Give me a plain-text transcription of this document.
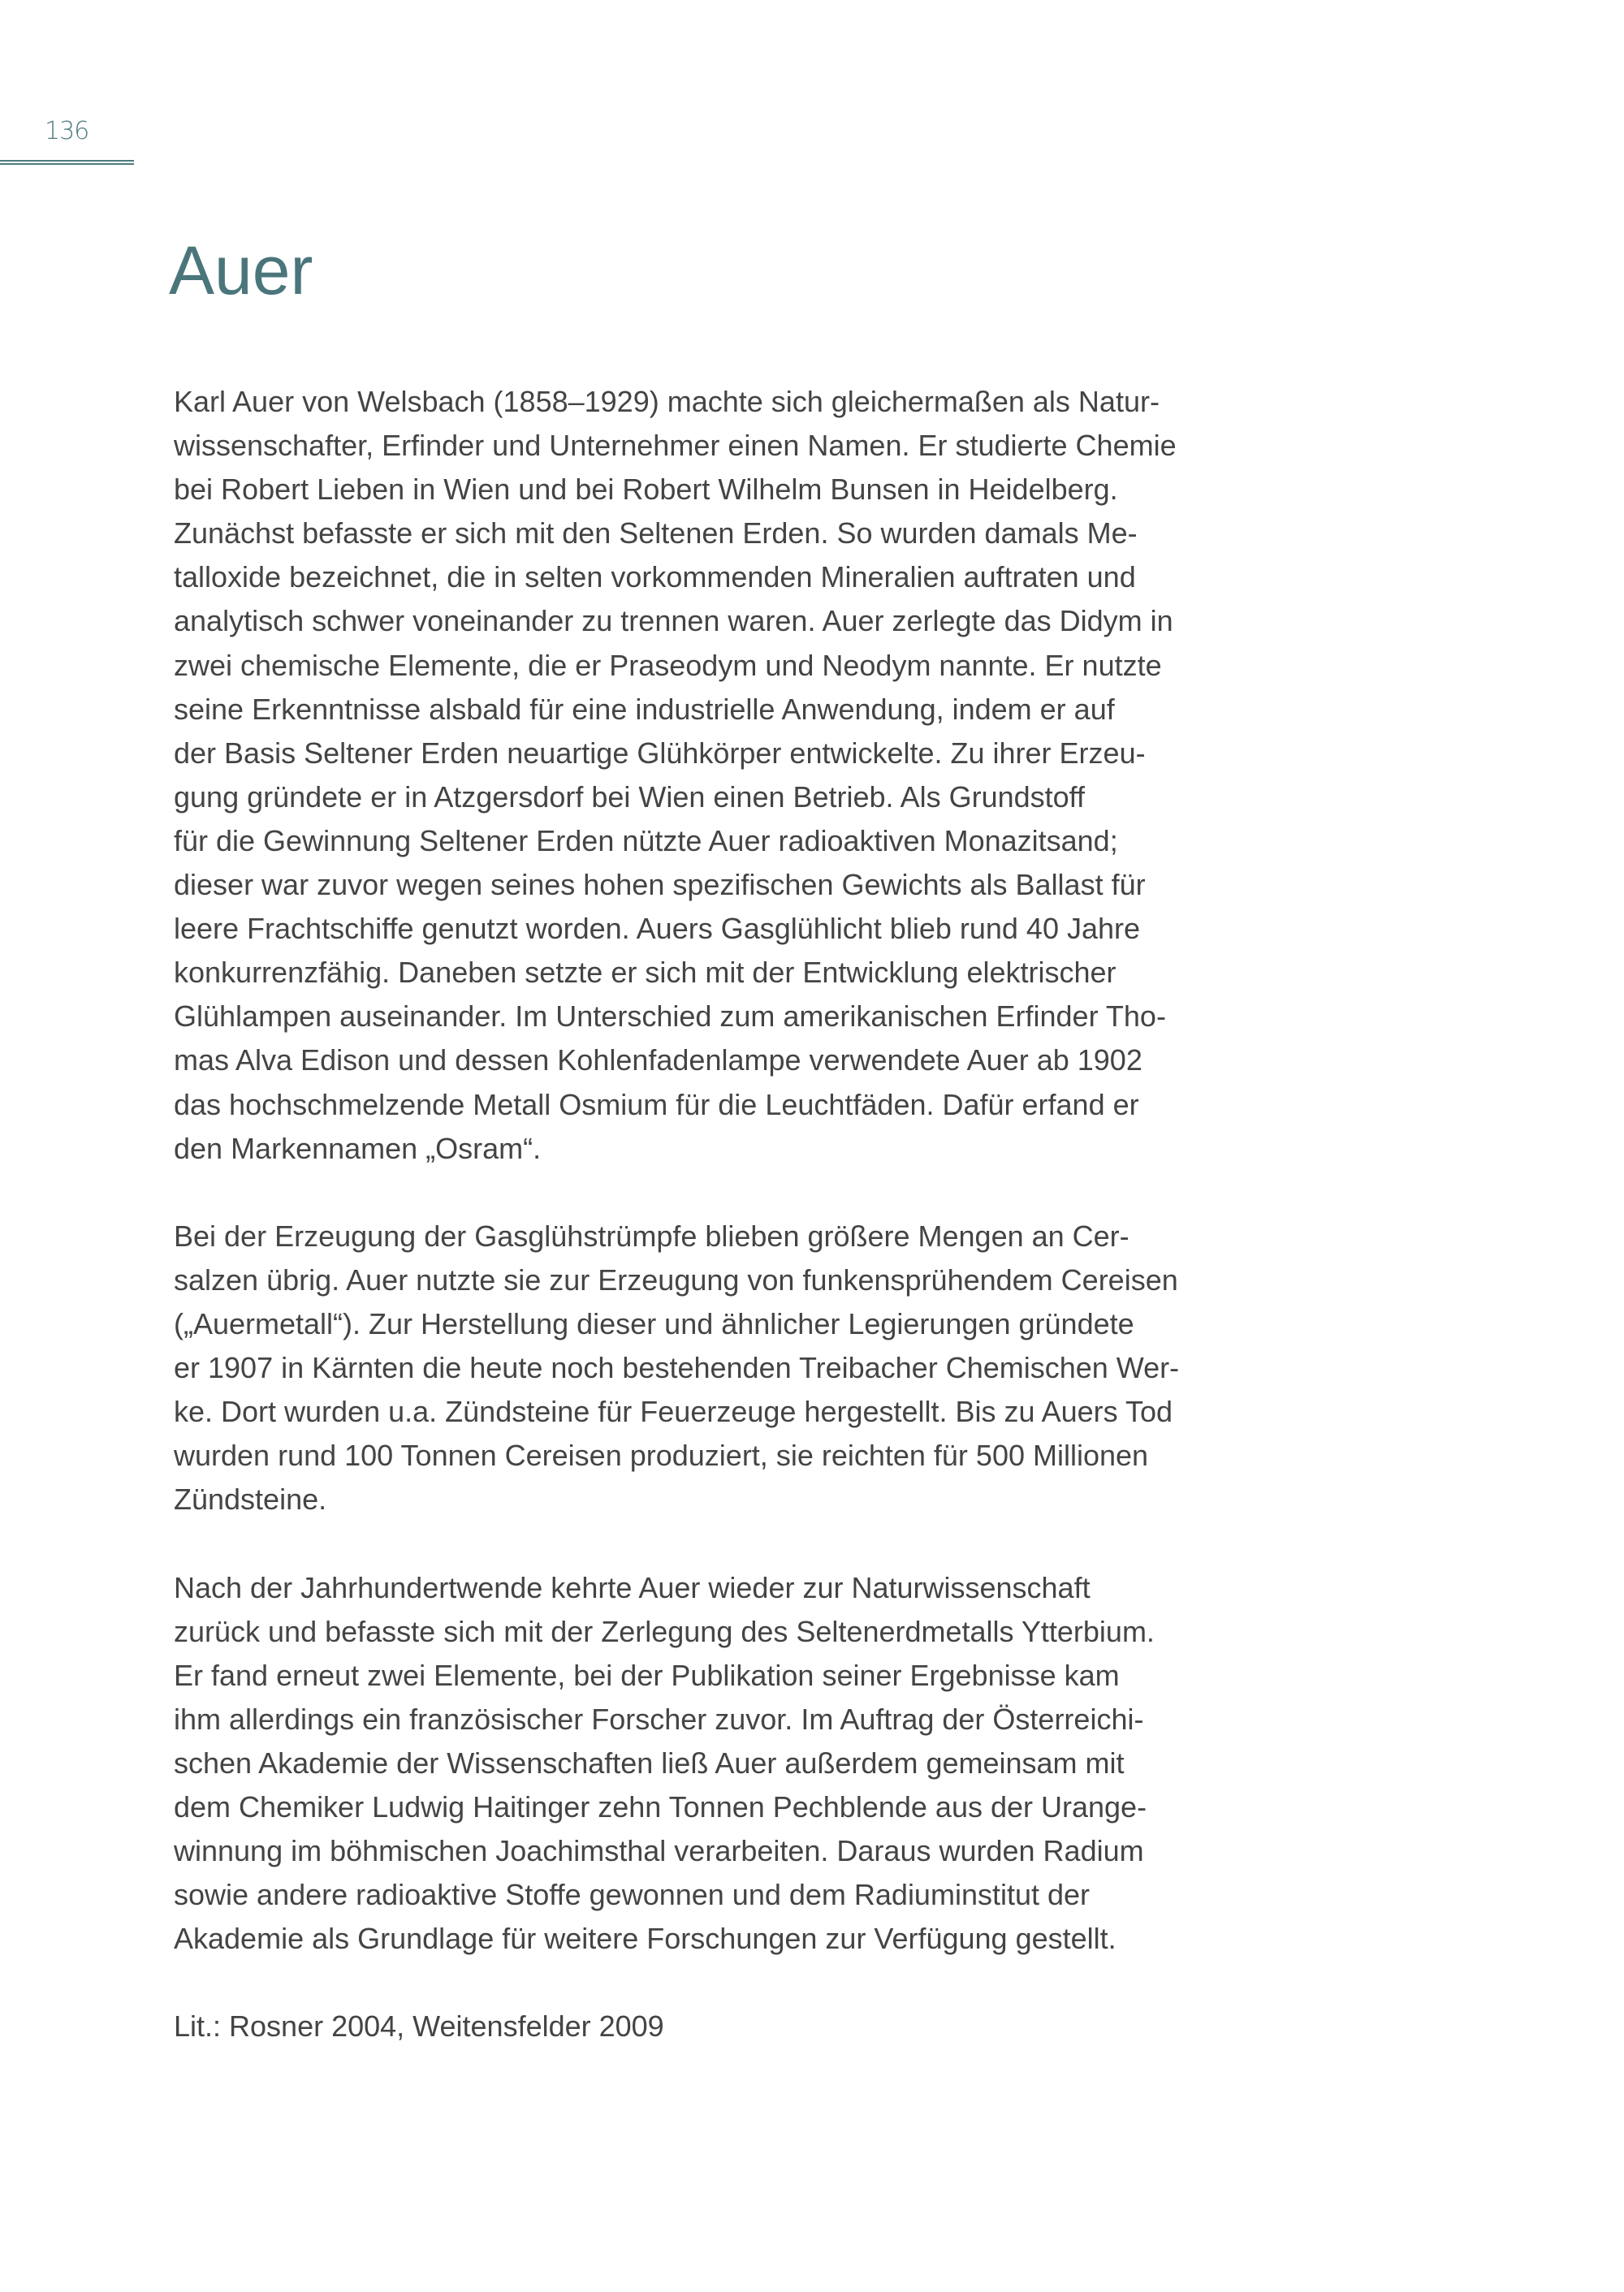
136
Auer
Karl Auer von Welsbach (1858–1929) machte sich gleichermaßen als Natur-
wissenschafter, Erfinder und Unternehmer einen Namen. Er studierte Chemie
bei Robert Lieben in Wien und bei Robert Wilhelm Bunsen in Heidelberg.
Zunächst befasste er sich mit den Seltenen Erden. So wurden damals Me-
talloxide bezeichnet, die in selten vorkommenden Mineralien auftraten und
analytisch schwer voneinander zu trennen waren. Auer zerlegte das Didym in
zwei chemische Elemente, die er Praseodym und Neodym nannte. Er nutzte
seine Erkenntnisse alsbald für eine industrielle Anwendung, indem er auf
der Basis Seltener Erden neuartige Glühkörper entwickelte. Zu ihrer Erzeu-
gung gründete er in Atzgersdorf bei Wien einen Betrieb. Als Grundstoff
für die Gewinnung Seltener Erden nützte Auer radioaktiven Monazitsand;
dieser war zuvor wegen seines hohen spezifischen Gewichts als Ballast für
leere Frachtschiffe genutzt worden. Auers Gasglühlicht blieb rund 40 Jahre
konkurrenzfähig. Daneben setzte er sich mit der Entwicklung elektrischer
Glühlampen auseinander. Im Unterschied zum amerikanischen Erfinder Tho-
mas Alva Edison und dessen Kohlenfadenlampe verwendete Auer ab 1902
das hochschmelzende Metall Osmium für die Leuchtfäden. Dafür erfand er
den Markennamen „Osram“.
Bei der Erzeugung der Gasglühstrümpfe blieben größere Mengen an Cer-
salzen übrig. Auer nutzte sie zur Erzeugung von funkensprühendem Cereisen
(„Auermetall“). Zur Herstellung dieser und ähnlicher Legierungen gründete
er 1907 in Kärnten die heute noch bestehenden Treibacher Chemischen Wer-
ke. Dort wurden u.a. Zündsteine für Feuerzeuge hergestellt. Bis zu Auers Tod
wurden rund 100 Tonnen Cereisen produziert, sie reichten für 500 Millionen
Zündsteine.
Nach der Jahrhundertwende kehrte Auer wieder zur Naturwissenschaft
zurück und befasste sich mit der Zerlegung des Seltenerdmetalls Ytterbium.
Er fand erneut zwei Elemente, bei der Publikation seiner Ergebnisse kam
ihm allerdings ein französischer Forscher zuvor. Im Auftrag der Österreichi-
schen Akademie der Wissenschaften ließ Auer außerdem gemeinsam mit
dem Chemiker Ludwig Haitinger zehn Tonnen Pechblende aus der Urange-
winnung im böhmischen Joachimsthal verarbeiten. Daraus wurden Radium
sowie andere radioaktive Stoffe gewonnen und dem Radiuminstitut der
Akademie als Grundlage für weitere Forschungen zur Verfügung gestellt.
Lit.: Rosner 2004, Weitensfelder 2009
